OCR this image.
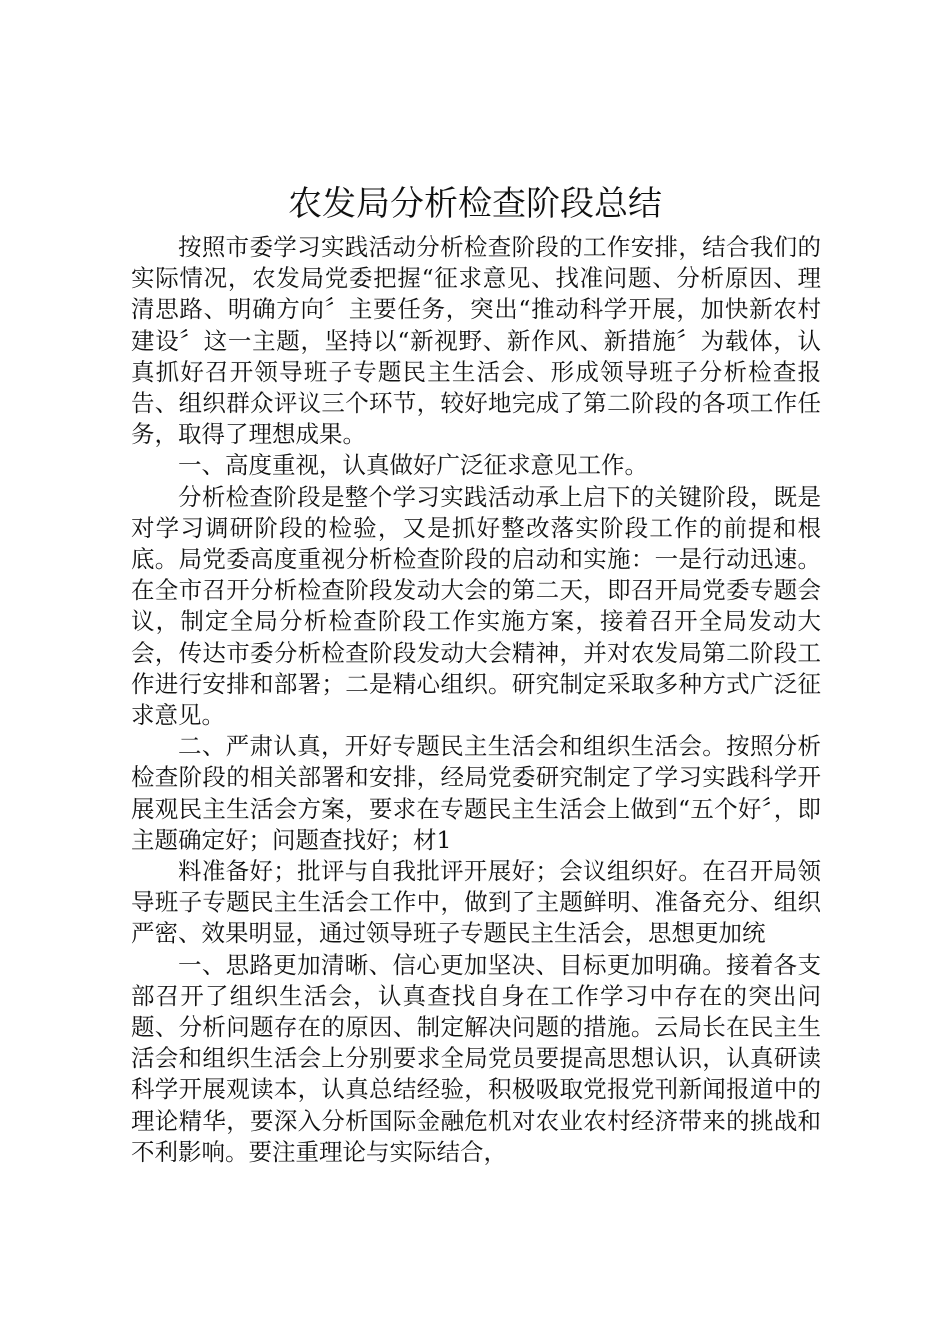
农发局分析检查阶段总结

按照市委学习实践活动分析检查阶段的工作安排，结合我们的实际情况，农发局党委把握“征求意见、找准问题、分析原因、理清思路、明确方向〞主要任务，突出“推动科学开展，加快新农村建设〞这一主题，坚持以“新视野、新作风、新措施〞为载体，认真抓好召开领导班子专题民主生活会、形成领导班子分析检查报告、组织群众评议三个环节，较好地完成了第二阶段的各项工作任务，取得了理想成果。

一、高度重视，认真做好广泛征求意见工作。

分析检查阶段是整个学习实践活动承上启下的关键阶段，既是对学习调研阶段的检验，又是抓好整改落实阶段工作的前提和根底。局党委高度重视分析检查阶段的启动和实施：一是行动迅速。在全市召开分析检查阶段发动大会的第二天，即召开局党委专题会议，制定全局分析检查阶段工作实施方案，接着召开全局发动大会，传达市委分析检查阶段发动大会精神，并对农发局第二阶段工作进行安排和部署；二是精心组织。研究制定采取多种方式广泛征求意见。

二、严肃认真，开好专题民主生活会和组织生活会。按照分析检查阶段的相关部署和安排，经局党委研究制定了学习实践科学开展观民主生活会方案，要求在专题民主生活会上做到“五个好〞，即主题确定好；问题查找好；材1

料准备好；批评与自我批评开展好；会议组织好。在召开局领导班子专题民主生活会工作中，做到了主题鲜明、准备充分、组织严密、效果明显，通过领导班子专题民主生活会，思想更加统

一、思路更加清晰、信心更加坚决、目标更加明确。接着各支部召开了组织生活会，认真查找自身在工作学习中存在的突出问题、分析问题存在的原因、制定解决问题的措施。云局长在民主生活会和组织生活会上分别要求全局党员要提高思想认识，认真研读科学开展观读本，认真总结经验，积极吸取党报党刊新闻报道中的理论精华，要深入分析国际金融危机对农业农村经济带来的挑战和不利影响。要注重理论与实际结合，
